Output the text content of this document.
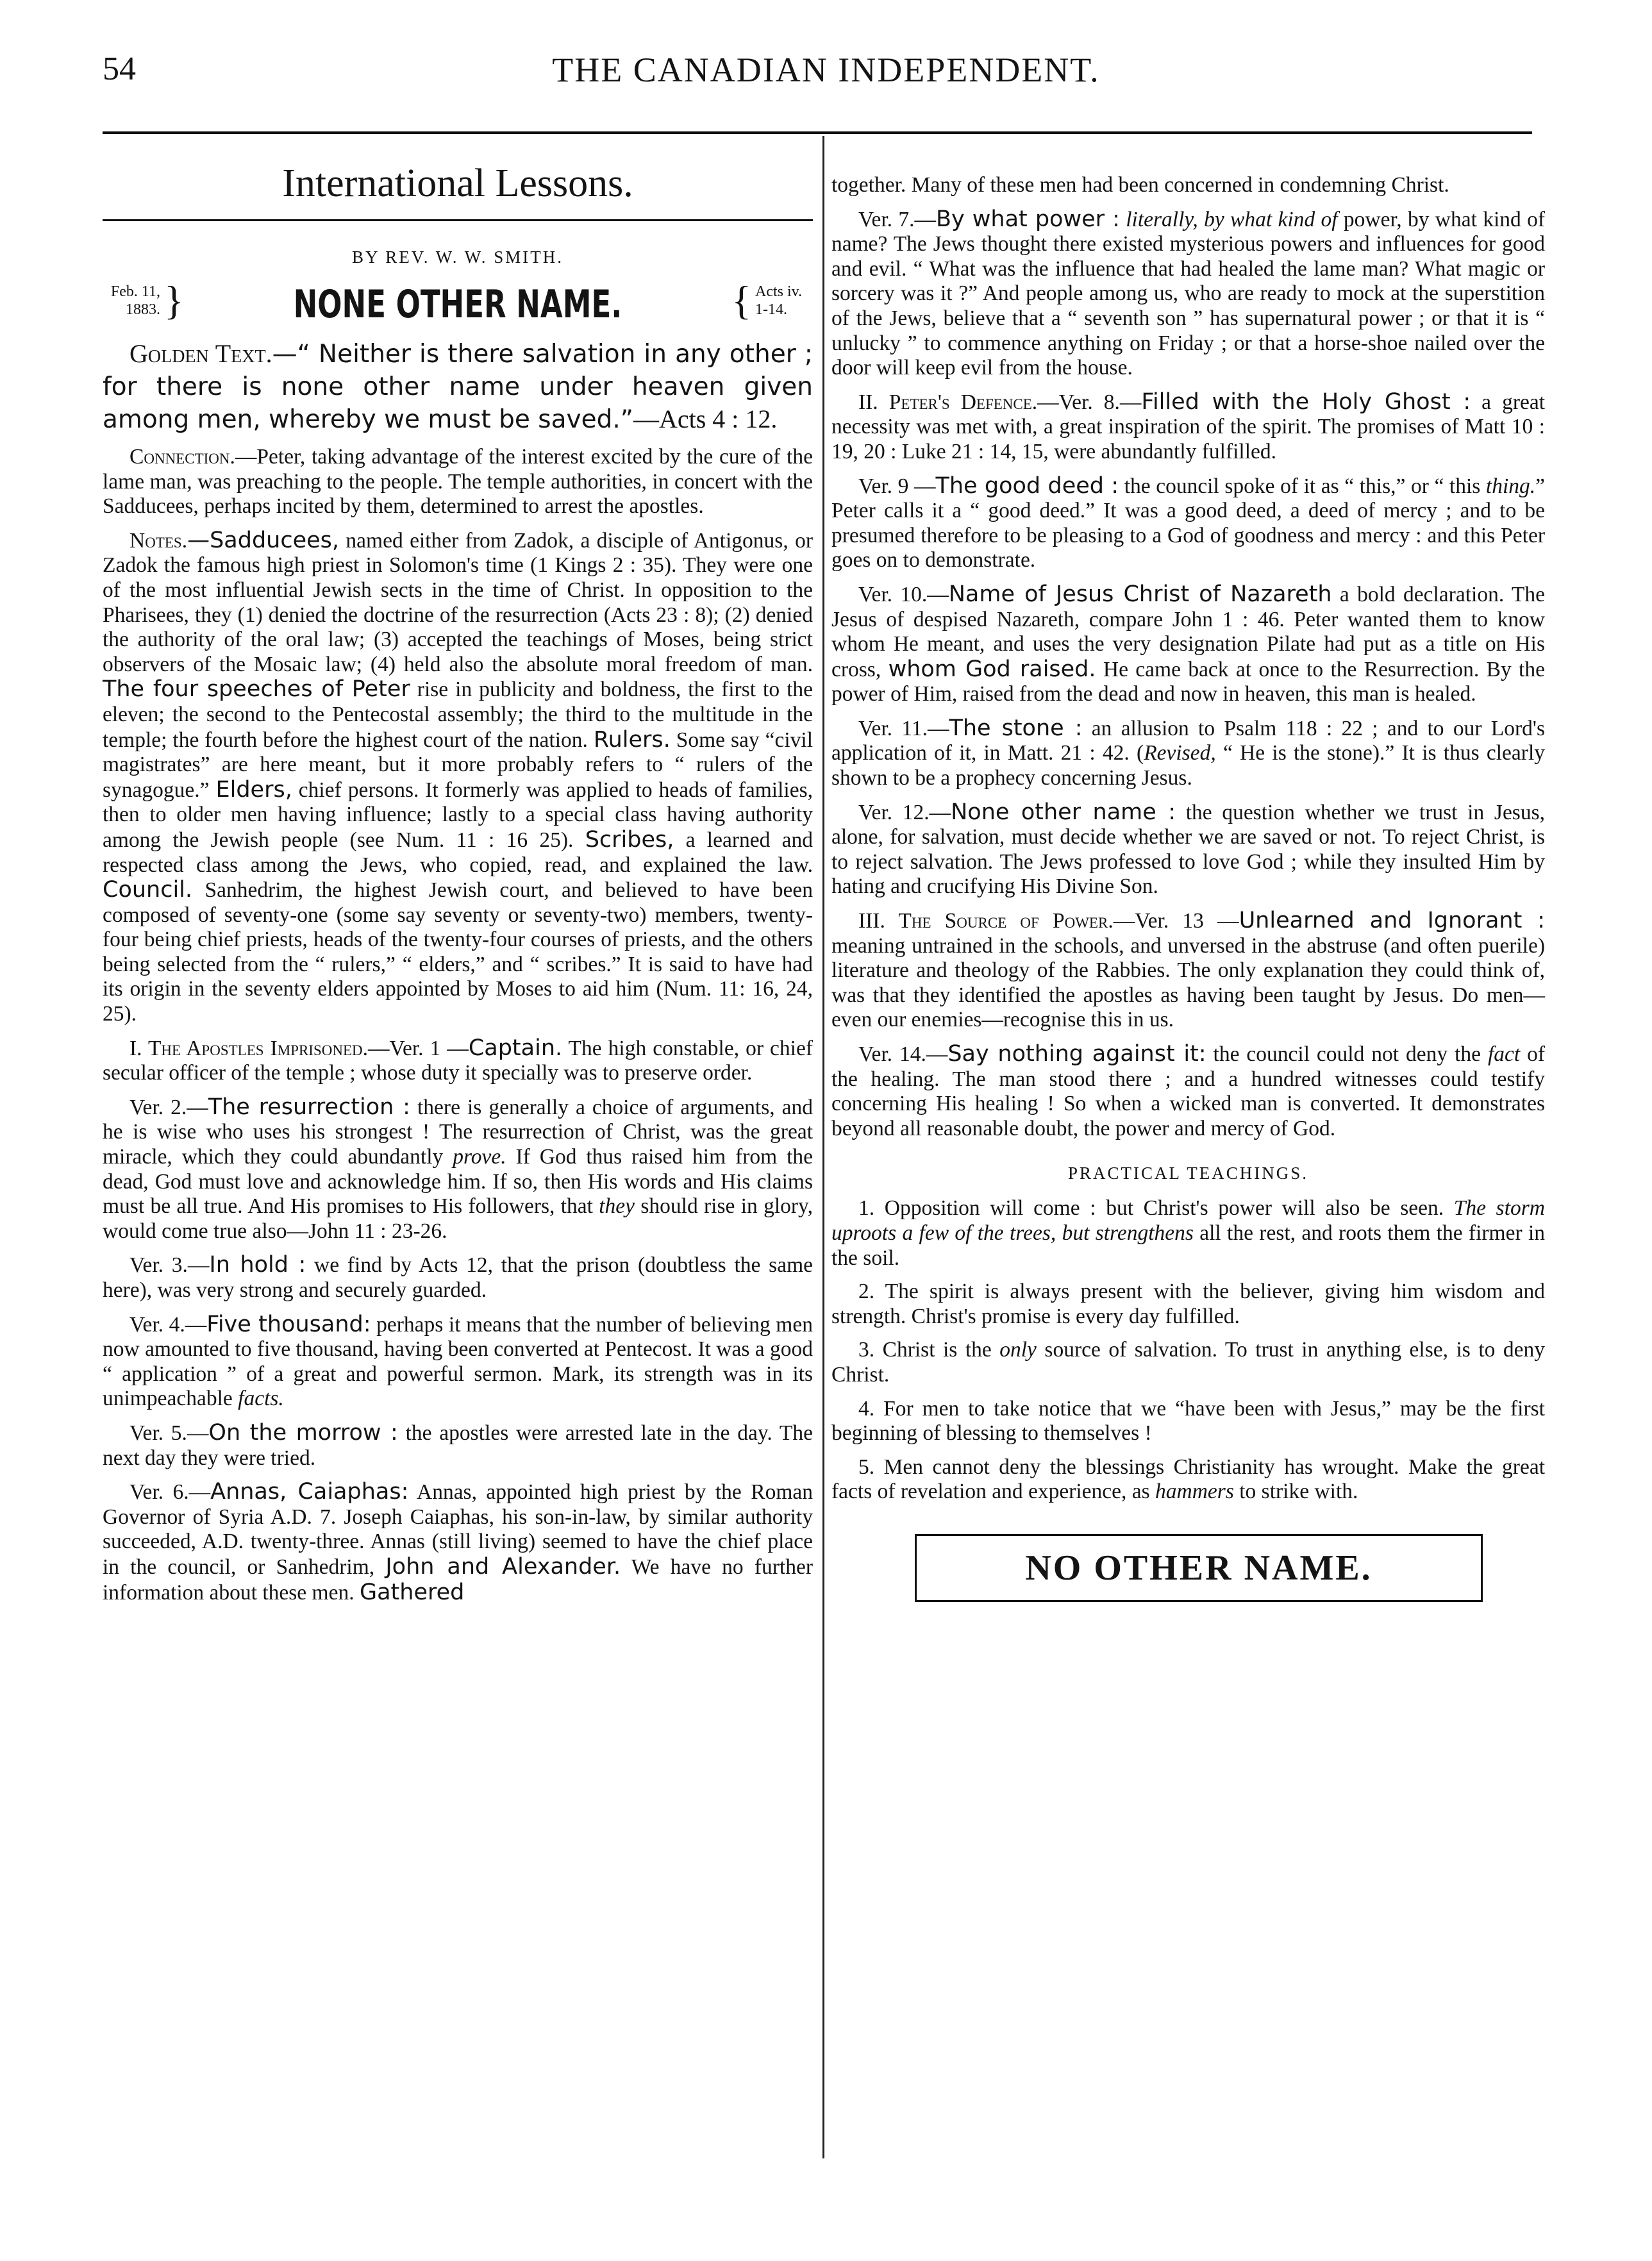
54	THE CANADIAN INDEPENDENT.
International Lessons.
BY REV. W. W. SMITH.
NONE OTHER NAME.
Feb. 11,
1883. }	{ Acts iv.
1-14.

Golden Text.—“ Neither is there salvation in any other ; for there is none other name under heaven given among men, whereby we must be saved.”—Acts 4 : 12.

Connection.—Peter, taking advantage of the interest excited by the cure of the lame man, was preaching to the people. The temple authorities, in concert with the Sadducees, perhaps incited by them, determined to arrest the apostles.

Notes.—Sadducees, named either from Zadok, a disciple of Antigonus, or Zadok the famous high priest in Solomon's time (1 Kings 2 : 35). They were one of the most influential Jewish sects in the time of Christ. In opposition to the Pharisees, they (1) denied the doctrine of the resurrection (Acts 23 : 8); (2) denied the authority of the oral law; (3) accepted the teachings of Moses, being strict observers of the Mosaic law; (4) held also the absolute moral freedom of man. The four speeches of Peter rise in publicity and boldness, the first to the eleven; the second to the Pentecostal assembly; the third to the multitude in the temple; the fourth before the highest court of the nation. Rulers. Some say “civil magistrates” are here meant, but it more probably refers to “ rulers of the synagogue.” Elders, chief persons. It formerly was applied to heads of families, then to older men having influence; lastly to a special class having authority among the Jewish people (see Num. 11 : 16 25). Scribes, a learned and respected class among the Jews, who copied, read, and explained the law. Council. Sanhedrim, the highest Jewish court, and believed to have been composed of seventy-one (some say seventy or seventy-two) members, twenty-four being chief priests, heads of the twenty-four courses of priests, and the others being selected from the “ rulers,” “ elders,” and “ scribes.” It is said to have had its origin in the seventy elders appointed by Moses to aid him (Num. 11: 16, 24, 25).

I. The Apostles Imprisoned.—Ver. 1 —Captain. The high constable, or chief secular officer of the temple ; whose duty it specially was to preserve order.

Ver. 2.—The resurrection : there is generally a choice of arguments, and he is wise who uses his strongest ! The resurrection of Christ, was the great miracle, which they could abundantly prove. If God thus raised him from the dead, God must love and acknowledge him. If so, then His words and His claims must be all true. And His promises to His followers, that they should rise in glory, would come true also—John 11 : 23-26.

Ver. 3.—In hold : we find by Acts 12, that the prison (doubtless the same here), was very strong and securely guarded.

Ver. 4.—Five thousand: perhaps it means that the number of believing men now amounted to five thousand, having been converted at Pentecost. It was a good “ application ” of a great and powerful sermon. Mark, its strength was in its unimpeachable facts.

Ver. 5.—On the morrow : the apostles were arrested late in the day. The next day they were tried.

Ver. 6.—Annas, Caiaphas: Annas, appointed high priest by the Roman Governor of Syria A.D. 7. Joseph Caiaphas, his son-in-law, by similar authority succeeded, A.D. twenty-three. Annas (still living) seemed to have the chief place in the council, or Sanhedrim, John and Alexander. We have no further information about these men. Gathered

together. Many of these men had been concerned in condemning Christ.

Ver. 7.—By what power : literally, by what kind of power, by what kind of name? The Jews thought there existed mysterious powers and influences for good and evil. “ What was the influence that had healed the lame man? What magic or sorcery was it ?” And people among us, who are ready to mock at the superstition of the Jews, believe that a “ seventh son ” has supernatural power ; or that it is “ unlucky ” to commence anything on Friday ; or that a horse-shoe nailed over the door will keep evil from the house.

II. Peter's Defence.—Ver. 8.—Filled with the Holy Ghost : a great necessity was met with, a great inspiration of the spirit. The promises of Matt 10 : 19, 20 : Luke 21 : 14, 15, were abundantly fulfilled.

Ver. 9 —The good deed : the council spoke of it as “ this,” or “ this thing.” Peter calls it a “ good deed.” It was a good deed, a deed of mercy ; and to be presumed therefore to be pleasing to a God of goodness and mercy : and this Peter goes on to demonstrate.

Ver. 10.—Name of Jesus Christ of Nazareth a bold declaration. The Jesus of despised Nazareth, compare John 1 : 46. Peter wanted them to know whom He meant, and uses the very designation Pilate had put as a title on His cross, whom God raised. He came back at once to the Resurrection. By the power of Him, raised from the dead and now in heaven, this man is healed.

Ver. 11.—The stone : an allusion to Psalm 118 : 22 ; and to our Lord's application of it, in Matt. 21 : 42. (Revised, “ He is the stone).” It is thus clearly shown to be a prophecy concerning Jesus.

Ver. 12.—None other name : the question whether we trust in Jesus, alone, for salvation, must decide whether we are saved or not. To reject Christ, is to reject salvation. The Jews professed to love God ; while they insulted Him by hating and crucifying His Divine Son.

III. The Source of Power.—Ver. 13 —Unlearned and Ignorant : meaning untrained in the schools, and unversed in the abstruse (and often puerile) literature and theology of the Rabbies. The only explanation they could think of, was that they identified the apostles as having been taught by Jesus. Do men—even our enemies—recognise this in us.

Ver. 14.—Say nothing against it: the council could not deny the fact of the healing. The man stood there ; and a hundred witnesses could testify concerning His healing ! So when a wicked man is converted. It demonstrates beyond all reasonable doubt, the power and mercy of God.

PRACTICAL TEACHINGS.

1. Opposition will come : but Christ's power will also be seen. The storm uproots a few of the trees, but strengthens all the rest, and roots them the firmer in the soil.

2. The spirit is always present with the believer, giving him wisdom and strength. Christ's promise is every day fulfilled.

3. Christ is the only source of salvation. To trust in anything else, is to deny Christ.

4. For men to take notice that we “have been with Jesus,” may be the first beginning of blessing to themselves !

5. Men cannot deny the blessings Christianity has wrought. Make the great facts of revelation and experience, as hammers to strike with.

NO OTHER NAME.
